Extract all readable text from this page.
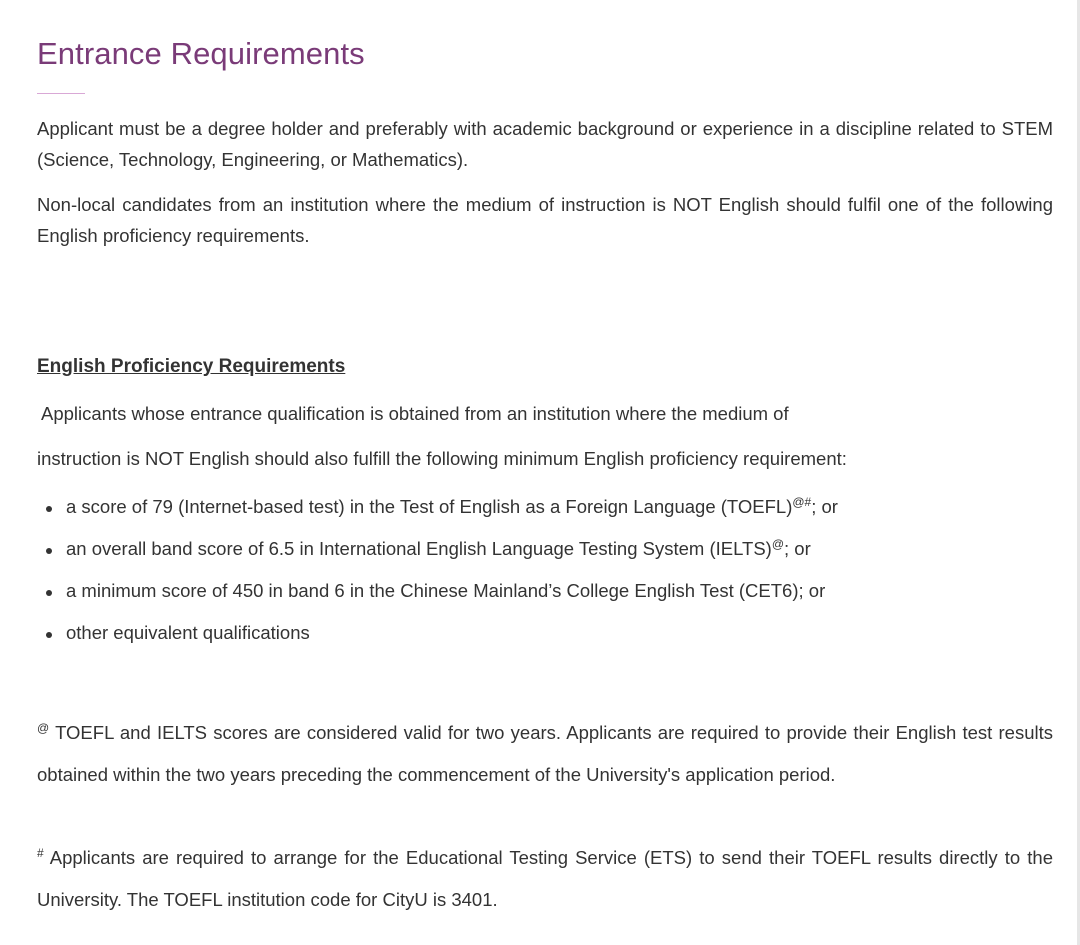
Entrance Requirements

Applicant must be a degree holder and preferably with academic background or experience in a discipline related to STEM (Science, Technology, Engineering, or Mathematics).

Non-local candidates from an institution where the medium of instruction is NOT English should fulfil one of the following English proficiency requirements.

English Proficiency Requirements

Applicants whose entrance qualification is obtained from an institution where the medium of

instruction is NOT English should also fulfill the following minimum English proficiency requirement:

a score of 79 (Internet-based test) in the Test of English as a Foreign Language (TOEFL)@#; or
an overall band score of 6.5 in International English Language Testing System (IELTS)@; or
a minimum score of 450 in band 6 in the Chinese Mainland’s College English Test (CET6); or
other equivalent qualifications

@ TOEFL and IELTS scores are considered valid for two years. Applicants are required to provide their English test results obtained within the two years preceding the commencement of the University's application period.

# Applicants are required to arrange for the Educational Testing Service (ETS) to send their TOEFL results directly to the University. The TOEFL institution code for CityU is 3401.
